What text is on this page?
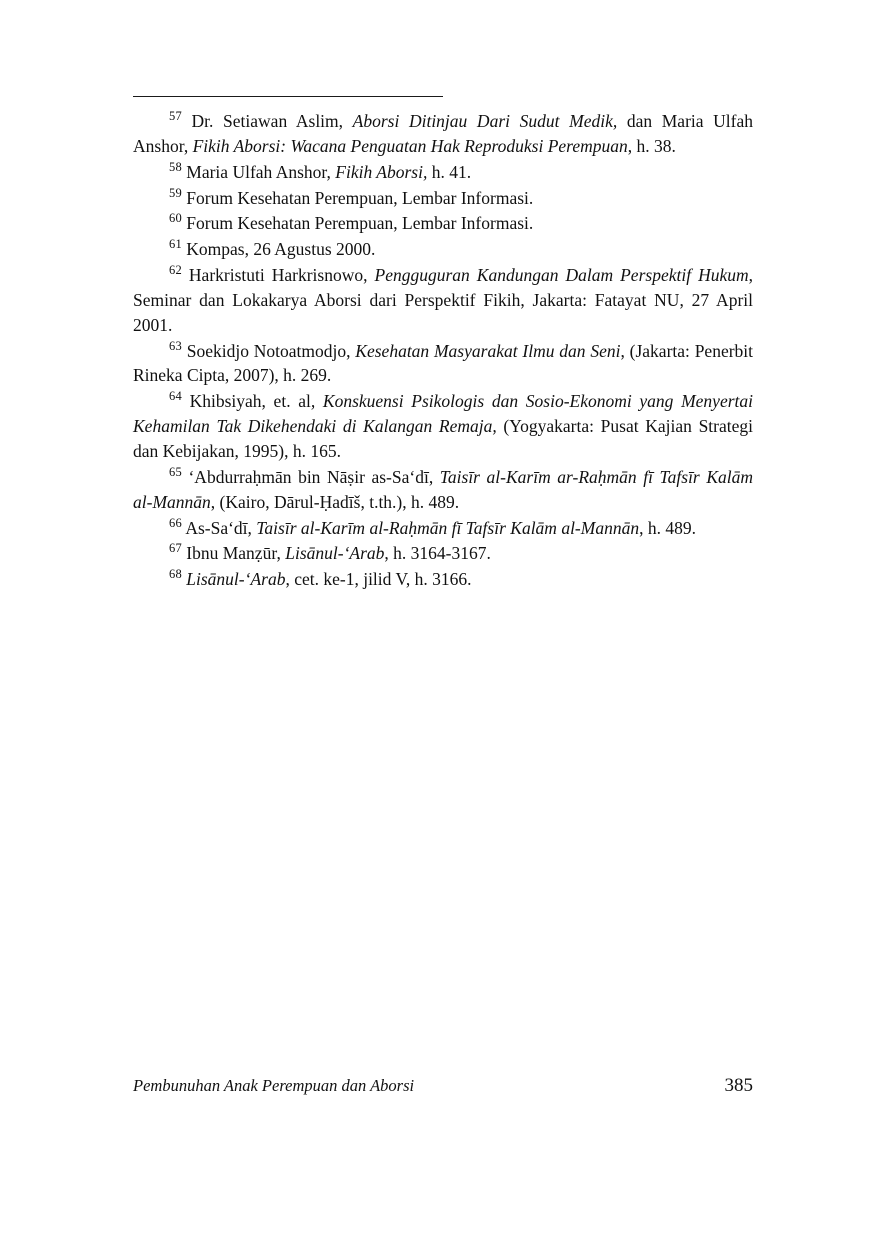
$^{57}$ Dr. Setiawan Aslim, Aborsi Ditinjau Dari Sudut Medik, dan Maria Ulfah Anshor, Fikih Aborsi: Wacana Penguatan Hak Reproduksi Perempuan, h. 38.

$^{58}$ Maria Ulfah Anshor, Fikih Aborsi, h. 41.

$^{59}$ Forum Kesehatan Perempuan, Lembar Informasi.

$^{60}$ Forum Kesehatan Perempuan, Lembar Informasi.

$^{61}$ Kompas, 26 Agustus 2000.

$^{62}$ Harkristuti Harkrisnowo, Pengguguran Kandungan Dalam Perspektif Hukum, Seminar dan Lokakarya Aborsi dari Perspektif Fikih, Jakarta: Fatayat NU, 27 April 2001.

$^{63}$ Soekidjo Notoatmodjo, Kesehatan Masyarakat Ilmu dan Seni, (Jakarta: Penerbit Rineka Cipta, 2007), h. 269.

$^{64}$ Khibsiyah, et. al, Konskuensi Psikologis dan Sosio-Ekonomi yang Menyertai Kehamilan Tak Dikehendaki di Kalangan Remaja, (Yogyakarta: Pusat Kajian Strategi dan Kebijakan, 1995), h. 165.

$^{65}$ ‘Abdurraḥmān bin Nāṣir as-Sa‘dī, Taisīr al-Karīm ar-Raḥmān fī Tafsīr Kalām al-Mannān, (Kairo, Dārul-Ḥadīš, t.th.), h. 489.

$^{66}$ As-Sa‘dī, Taisīr al-Karīm al-Raḥmān fī Tafsīr Kalām al-Mannān, h. 489.

$^{67}$ Ibnu Manẓūr, Lisānul-‘Arab, h. 3164-3167.

$^{68}$ Lisānul-‘Arab, cet. ke-1, jilid V, h. 3166.

Pembunuhan Anak Perempuan dan Aborsi	385
